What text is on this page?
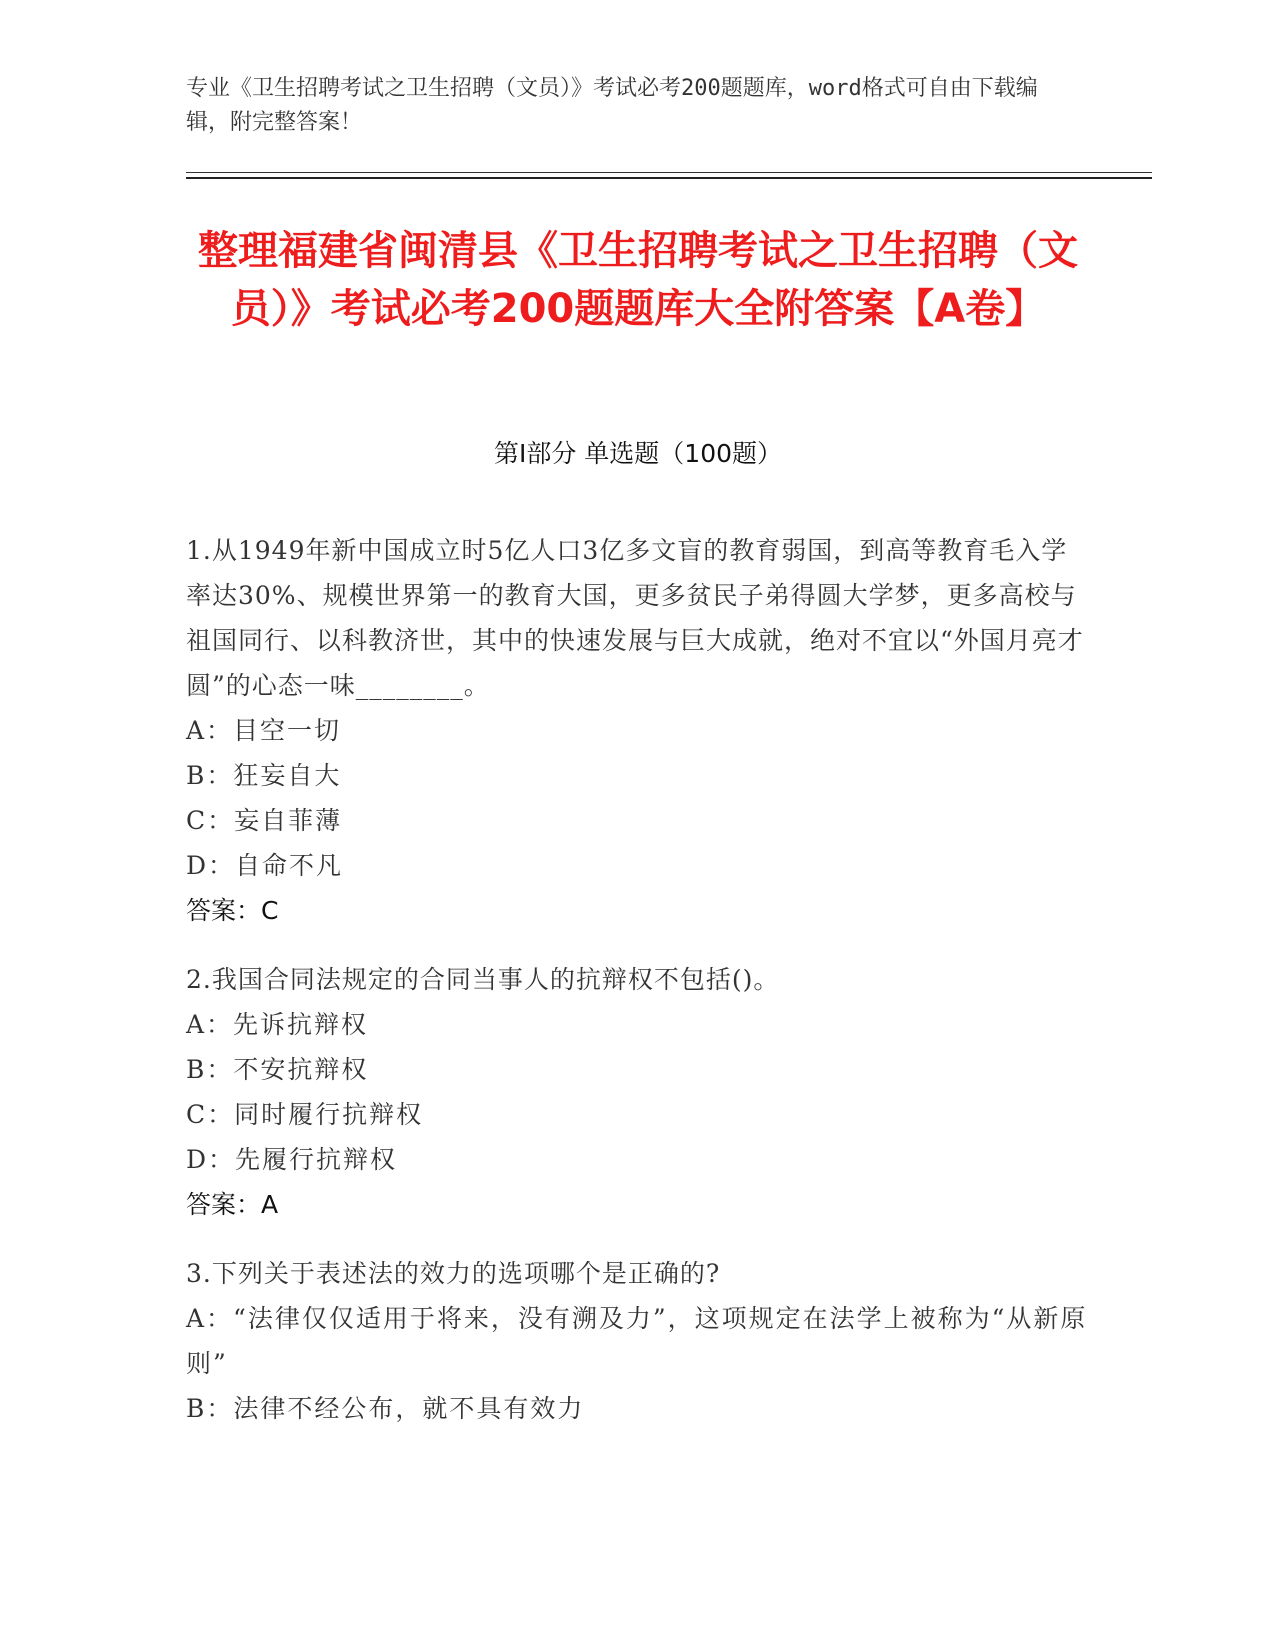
专业《卫生招聘考试之卫生招聘（文员）》考试必考200题题库，word格式可自由下载编辑，附完整答案！
整理福建省闽清县《卫生招聘考试之卫生招聘（文员）》考试必考200题题库大全附答案【A卷】
第I部分 单选题（100题）
1.从1949年新中国成立时5亿人口3亿多文盲的教育弱国，到高等教育毛入学率达30%、规模世界第一的教育大国，更多贫民子弟得圆大学梦，更多高校与祖国同行、以科教济世，其中的快速发展与巨大成就，绝对不宜以“外国月亮才圆”的心态一味________。
A：目空一切
B：狂妄自大
C：妄自菲薄
D：自命不凡
答案：C
2.我国合同法规定的合同当事人的抗辩权不包括()。
A：先诉抗辩权
B：不安抗辩权
C：同时履行抗辩权
D：先履行抗辩权
答案：A
3.下列关于表述法的效力的选项哪个是正确的?
A：“法律仅仅适用于将来，没有溯及力”，这项规定在法学上被称为“从新原则”
B：法律不经公布，就不具有效力
